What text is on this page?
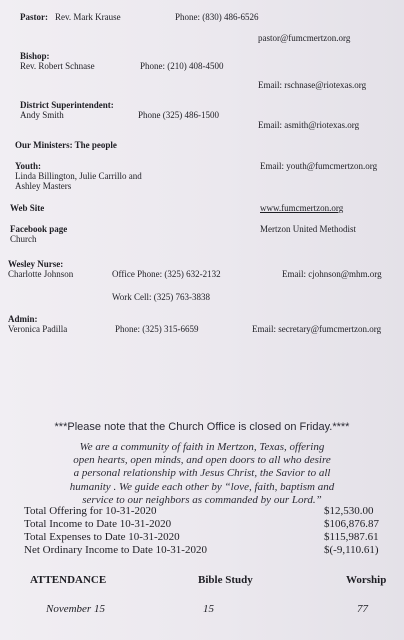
Pastor: Rev. Mark Krause	Phone: (830) 486-6526
pastor@fumcmertzon.org
Bishop:
Rev. Robert Schnase	Phone: (210) 408-4500
Email: rschnase@riotexas.org
District Superintendent:
Andy Smith	Phone (325) 486-1500
Email: asmith@riotexas.org
Our Ministers: The people
Youth:	Email: youth@fumcmertzon.org
Linda Billington, Julie Carrillo and
Ashley Masters
Web Site	www.fumcmertzon.org
Facebook page	Mertzon United Methodist
Church
Wesley Nurse:
Charlotte Johnson	Office Phone: (325) 632-2132	Email: cjohnson@mhm.org
Work Cell: (325) 763-3838
Admin:
Veronica Padilla	Phone: (325) 315-6659	Email: secretary@fumcmertzon.org
***Please note that the Church Office is closed on Friday.****
We are a community of faith in Mertzon, Texas, offering
open hearts, open minds, and open doors to all who desire
a personal relationship with Jesus Christ, the Savior to all
humanity . We guide each other by “love, faith, baptism and
service to our neighbors as commanded by our Lord.”
Total Offering for 10-31-2020	$12,530.00
Total Income to Date 10-31-2020	$106,876.87
Total Expenses to Date 10-31-2020	$115,987.61
Net Ordinary Income to Date 10-31-2020	$(-9,110.61)
ATTENDANCE	Bible Study	Worship
November 15	15	77
